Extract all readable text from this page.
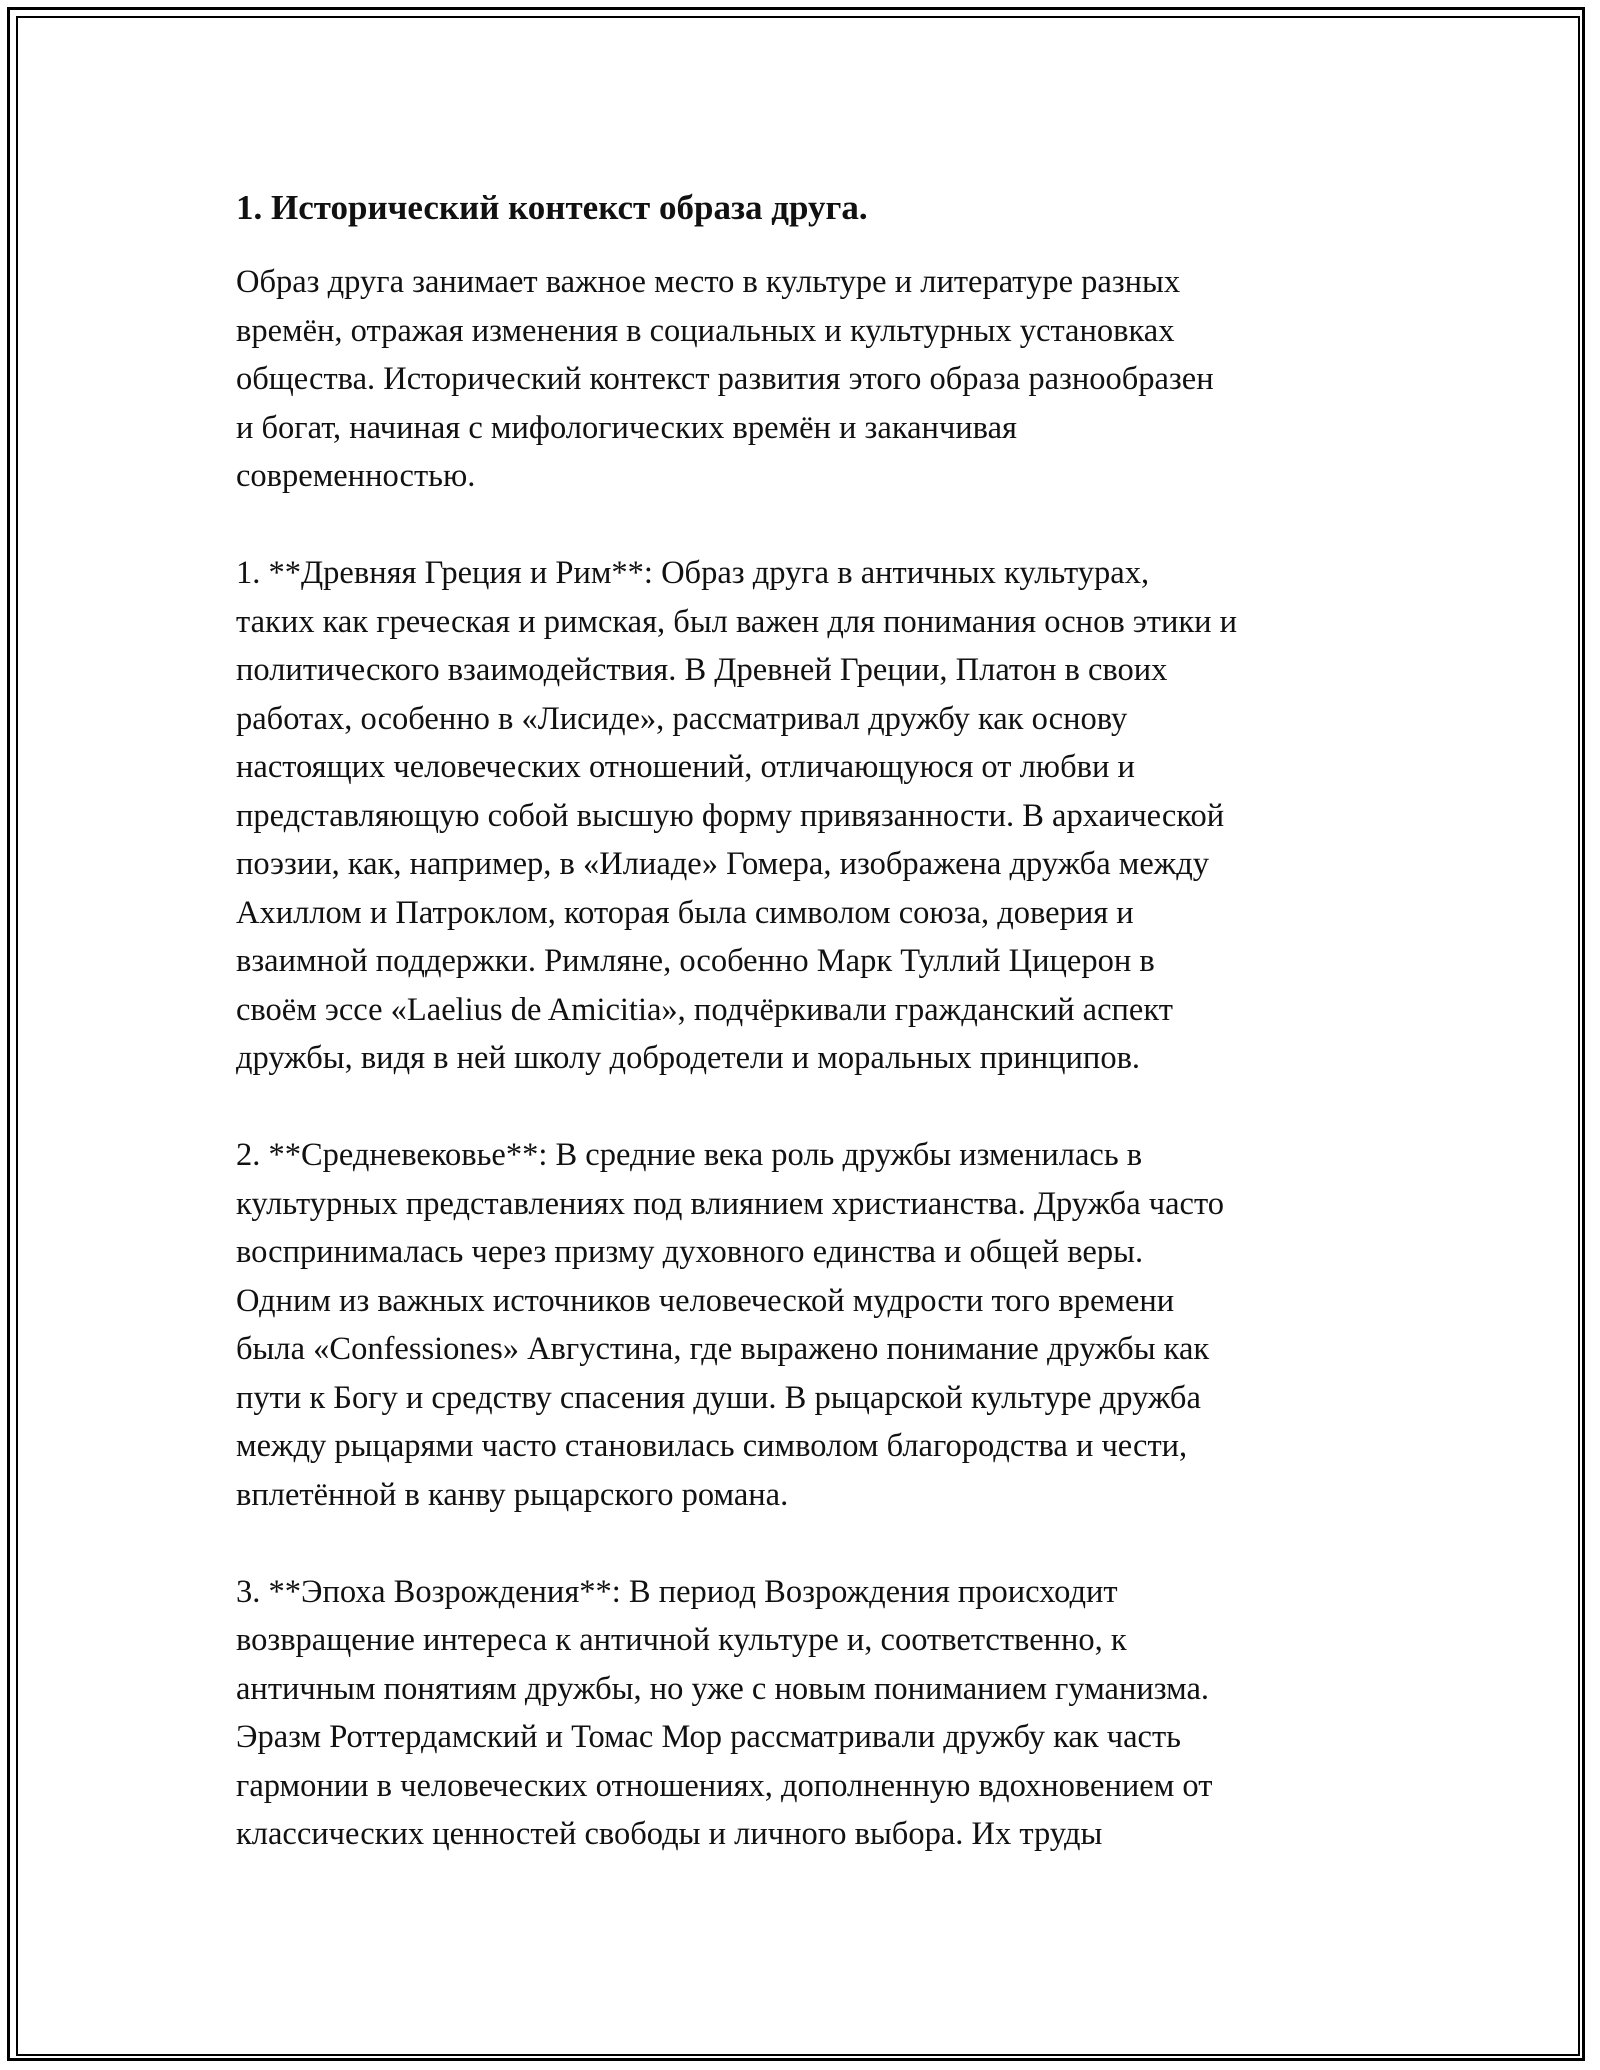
1. Исторический контекст образа друга.
Образ друга занимает важное место в культуре и литературе разных
времён, отражая изменения в социальных и культурных установках
общества. Исторический контекст развития этого образа разнообразен
и богат, начиная с мифологических времён и заканчивая
современностью.
1. **Древняя Греция и Рим**: Образ друга в античных культурах,
таких как греческая и римская, был важен для понимания основ этики и
политического взаимодействия. В Древней Греции, Платон в своих
работах, особенно в «Лисиде», рассматривал дружбу как основу
настоящих человеческих отношений, отличающуюся от любви и
представляющую собой высшую форму привязанности. В архаической
поэзии, как, например, в «Илиаде» Гомера, изображена дружба между
Ахиллом и Патроклом, которая была символом союза, доверия и
взаимной поддержки. Римляне, особенно Марк Туллий Цицерон в
своём эссе «Laelius de Amicitia», подчёркивали гражданский аспект
дружбы, видя в ней школу добродетели и моральных принципов.
2. **Средневековье**: В средние века роль дружбы изменилась в
культурных представлениях под влиянием христианства. Дружба часто
воспринималась через призму духовного единства и общей веры.
Одним из важных источников человеческой мудрости того времени
была «Confessiones» Августина, где выражено понимание дружбы как
пути к Богу и средству спасения души. В рыцарской культуре дружба
между рыцарями часто становилась символом благородства и чести,
вплетённой в канву рыцарского романа.
3. **Эпоха Возрождения**: В период Возрождения происходит
возвращение интереса к античной культуре и, соответственно, к
античным понятиям дружбы, но уже с новым пониманием гуманизма.
Эразм Роттердамский и Томас Мор рассматривали дружбу как часть
гармонии в человеческих отношениях, дополненную вдохновением от
классических ценностей свободы и личного выбора. Их труды
